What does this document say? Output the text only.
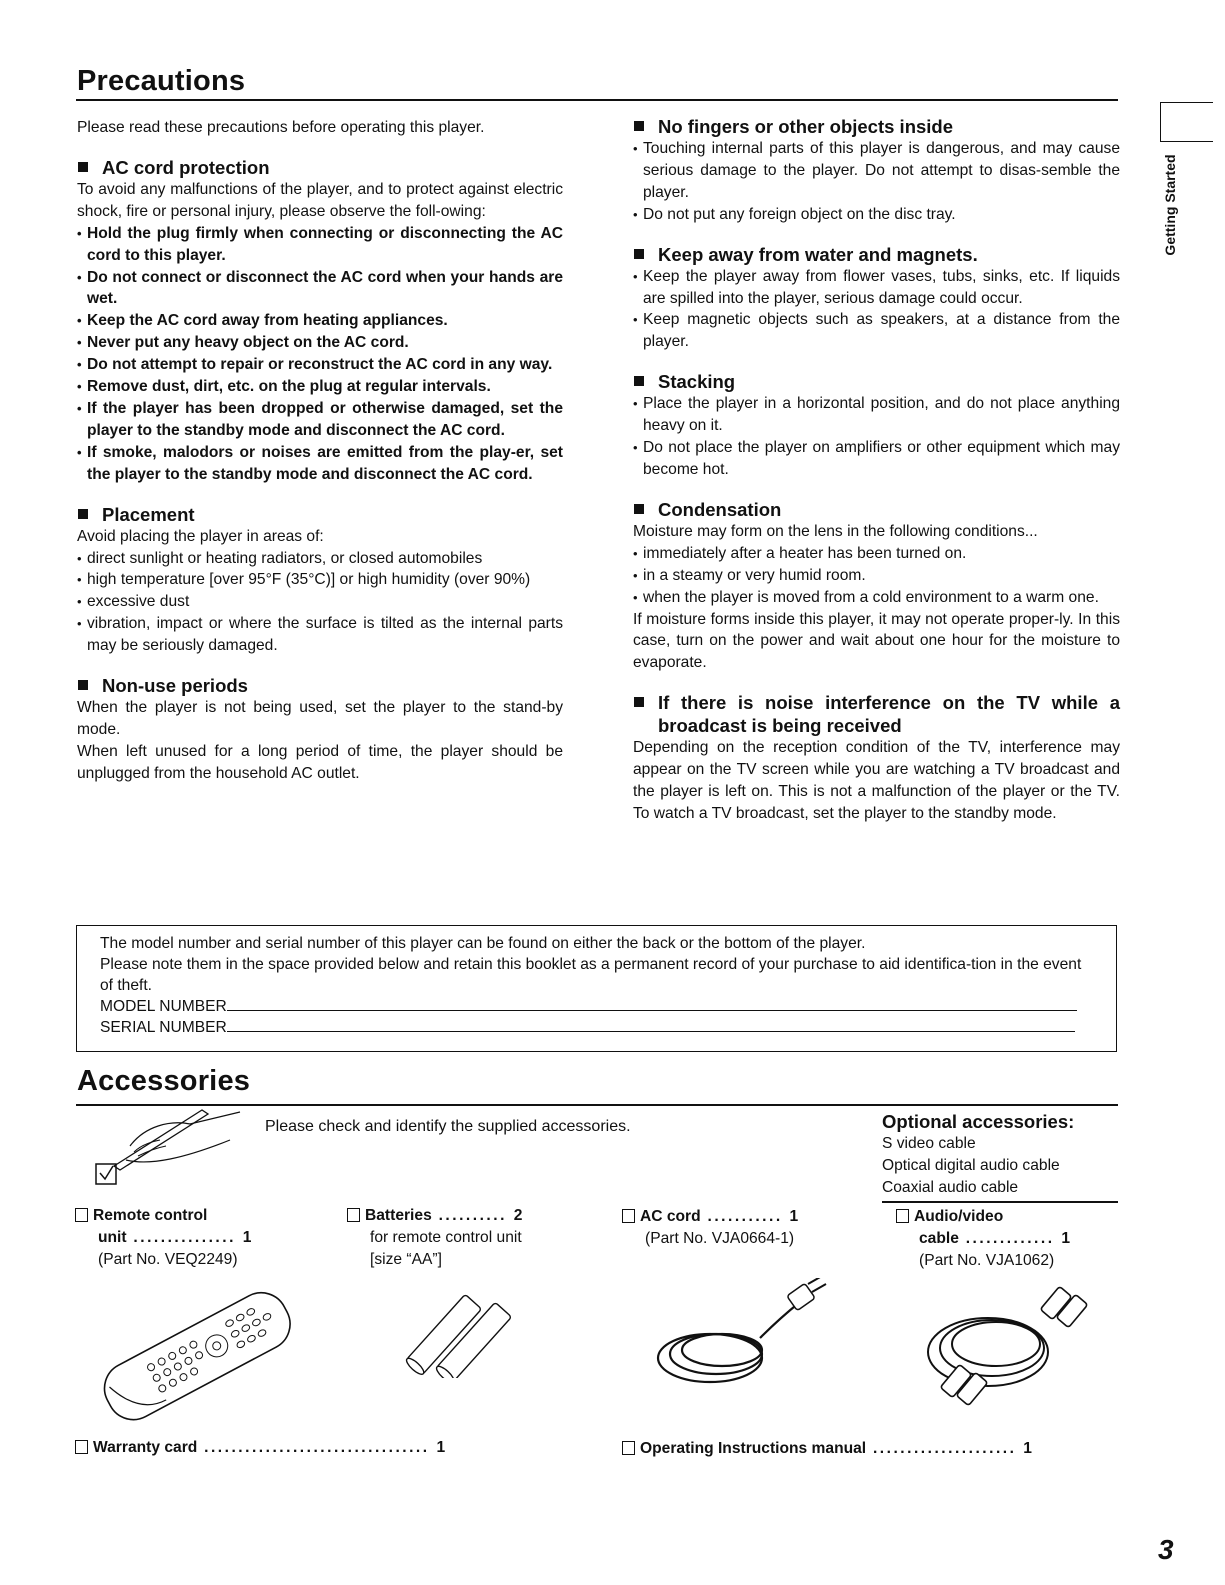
Precautions

Please read these precautions before operating this player.

AC cord protection

To avoid any malfunctions of the player, and to protect against electric shock, fire or personal injury, please observe the foll-owing:

• Hold the plug firmly when connecting or disconnecting the AC cord to this player.

• Do not connect or disconnect the AC cord when your hands are wet.

• Keep the AC cord away from heating appliances.

• Never put any heavy object on the AC cord.

• Do not attempt to repair or reconstruct the AC cord in any way.

• Remove dust, dirt, etc. on the plug at regular intervals.

• If the player has been dropped or otherwise damaged, set the player to the standby mode and disconnect the AC cord.

• If smoke, malodors or noises are emitted from the play-er, set the player to the standby mode and disconnect the AC cord.

Placement

Avoid placing the player in areas of:

• direct sunlight or heating radiators, or closed automobiles

• high temperature [over 95°F (35°C)] or high humidity (over 90%)

• excessive dust

• vibration, impact or where the surface is tilted as the internal parts may be seriously damaged.

Non-use periods

When the player is not being used, set the player to the stand-by mode.

When left unused for a long period of time, the player should be unplugged from the household AC outlet.

No fingers or other objects inside

• Touching internal parts of this player is dangerous, and may cause serious damage to the player. Do not attempt to disas-semble the player.

• Do not put any foreign object on the disc tray.

Keep away from water and magnets.

• Keep the player away from flower vases, tubs, sinks, etc. If liquids are spilled into the player, serious damage could occur.

• Keep magnetic objects such as speakers, at a distance from the player.

Stacking

• Place the player in a horizontal position, and do not place anything heavy on it.

• Do not place the player on amplifiers or other equipment which may become hot.

Condensation

Moisture may form on the lens in the following conditions...

• immediately after a heater has been turned on.

• in a steamy or very humid room.

• when the player is moved from a cold environment to a warm one.

If moisture forms inside this player, it may not operate proper-ly. In this case, turn on the power and wait about one hour for the moisture to evaporate.

If there is noise interference on the TV while a broadcast is being received

Depending on the reception condition of the TV, interference may appear on the TV screen while you are watching a TV broadcast and the player is left on. This is not a malfunction of the player or the TV. To watch a TV broadcast, set the player to the standby mode.

The model number and serial number of this player can be found on either the back or the bottom of the player.

Please note them in the space provided below and retain this booklet as a permanent record of your purchase to aid identifica-tion in the event of theft.

MODEL NUMBER

SERIAL NUMBER

Accessories
Please check and identify the supplied accessories.	Optional accessories:

S video cable

Optical digital audio cable

Coaxial audio cable

Remote control

unit ............... 1

(Part No. VEQ2249)

Batteries .......... 2

for remote control unit

[size “AA”]

AC cord ........... 1

(Part No. VJA0664-1)

Audio/video

cable ............. 1

(Part No. VJA1062)

Warranty card ................................. 1	Operating Instructions manual ..................... 1

Getting Started
3
